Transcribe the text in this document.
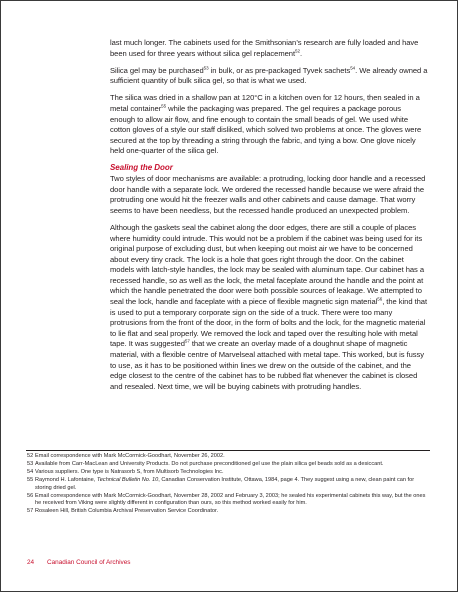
last much longer. The cabinets used for the Smithsonian’s research are fully loaded and have been used for three years without silica gel replacement$^{52}$.

Silica gel may be purchased$^{53}$ in bulk, or as pre-packaged Tyvek sachets$^{54}$. We already owned a sufficient quantity of bulk silica gel, so that is what we used.

The silica was dried in a shallow pan at 120°C in a kitchen oven for 12 hours, then sealed in a metal container$^{55}$ while the packaging was prepared. The gel requires a package porous enough to allow air flow, and fine enough to contain the small beads of gel. We used white cotton gloves of a style our staff disliked, which solved two problems at once. The gloves were secured at the top by threading a string through the fabric, and tying a bow. One glove nicely held one-quarter of the silica gel.

Sealing the Door

Two styles of door mechanisms are available: a protruding, locking door handle and a recessed door handle with a separate lock. We ordered the recessed handle because we were afraid the protruding one would hit the freezer walls and other cabinets and cause damage. That worry seems to have been needless, but the recessed handle produced an unexpected problem.

Although the gaskets seal the cabinet along the door edges, there are still a couple of places where humidity could intrude. This would not be a problem if the cabinet was being used for its original purpose of excluding dust, but when keeping out moist air we have to be concerned about every tiny crack. The lock is a hole that goes right through the door. On the cabinet models with latch-style handles, the lock may be sealed with aluminum tape. Our cabinet has a recessed handle, so as well as the lock, the metal faceplate around the handle and the point at which the handle penetrated the door were both possible sources of leakage. We attempted to seal the lock, handle and faceplate with a piece of flexible magnetic sign material$^{56}$, the kind that is used to put a temporary corporate sign on the side of a truck. There were too many protrusions from the front of the door, in the form of bolts and the lock, for the magnetic material to lie flat and seal properly. We removed the lock and taped over the resulting hole with metal tape. It was suggested$^{57}$ that we create an overlay made of a doughnut shape of magnetic material, with a flexible centre of Marvelseal attached with metal tape. This worked, but is fussy to use, as it has to be positioned within lines we drew on the outside of the cabinet, and the edge closest to the centre of the cabinet has to be rubbed flat whenever the cabinet is closed and resealed. Next time, we will be buying cabinets with protruding handles.

52 Email correspondence with Mark McCormick-Goodhart, November 26, 2002.
53 Available from Carr-MacLean and University Products. Do not purchase preconditioned gel use the plain silica gel beads sold as a desiccant.
54 Various suppliers. One type is Natrasorb S, from Multisorb Technologies Inc.
55 Raymond H. Lafontaine, Technical Bulletin No. 10, Canadian Conservation Institute, Ottawa, 1984, page 4. They suggest using a new, clean paint can for storing dried gel.
56 Email correspondence with Mark McCormick-Goodhart, November 28, 2002 and February 3, 2003; he sealed his experimental cabinets this way, but the ones he received from Viking were slightly different in configuration than ours, so this method worked easily for him.
57 Rosaleen Hill, British Columbia Archival Preservation Service Coordinator.
24 Canadian Council of Archives
